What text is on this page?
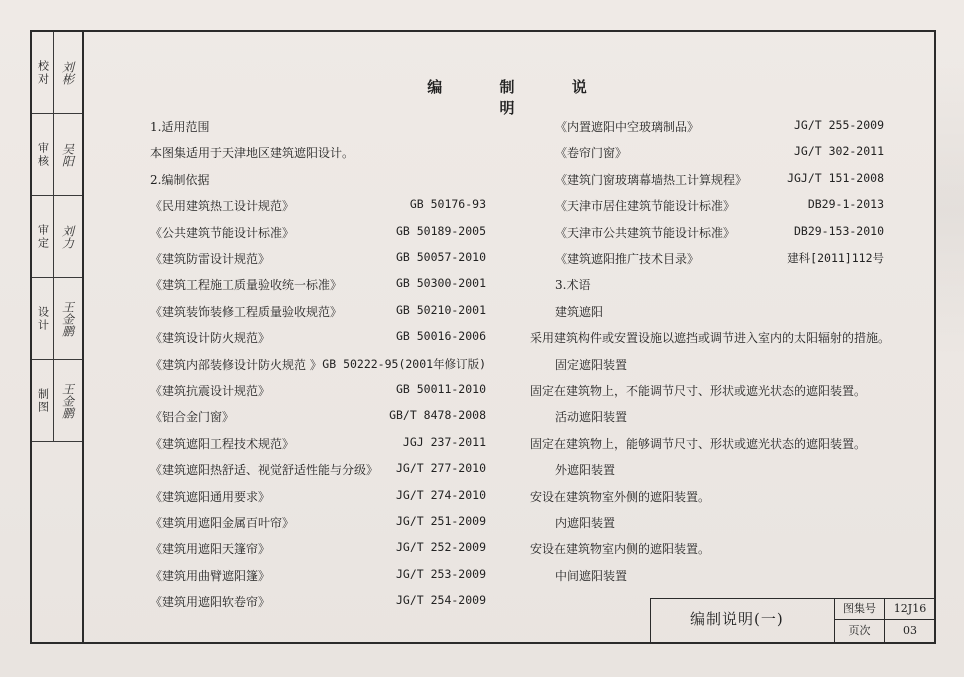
校对 刘彬
审核 吴阳
审定 刘力
设计 王金鹏
制图 王金鹏
编 制 说 明
1.适用范围
本图集适用于天津地区建筑遮阳设计。
2.编制依据
《民用建筑热工设计规范》	GB 50176-93
《公共建筑节能设计标准》	GB 50189-2005
《建筑防雷设计规范》	GB 50057-2010
《建筑工程施工质量验收统一标准》	GB 50300-2001
《建筑装饰装修工程质量验收规范》	GB 50210-2001
《建筑设计防火规范》	GB 50016-2006
《建筑内部装修设计防火规范 》 GB 50222-95(2001年修订版)
《建筑抗震设计规范》	GB 50011-2010
《铝合金门窗》	GB/T 8478-2008
《建筑遮阳工程技术规范》	JGJ 237-2011
《建筑遮阳热舒适、视觉舒适性能与分级》 JG/T 277-2010
《建筑遮阳通用要求》	JG/T 274-2010
《建筑用遮阳金属百叶帘》	JG/T 251-2009
《建筑用遮阳天篷帘》	JG/T 252-2009
《建筑用曲臂遮阳篷》	JG/T 253-2009
《建筑用遮阳软卷帘》	JG/T 254-2009
《内置遮阳中空玻璃制品》	JG/T 255-2009
《卷帘门窗》	JG/T 302-2011
《建筑门窗玻璃幕墙热工计算规程》	JGJ/T 151-2008
《天津市居住建筑节能设计标准》	DB29-1-2013
《天津市公共建筑节能设计标准》	DB29-153-2010
《建筑遮阳推广技术目录》	建科[2011]112号
3.术语
建筑遮阳
采用建筑构件或安置设施以遮挡或调节进入室内的太阳辐射的措施。
固定遮阳装置
固定在建筑物上，不能调节尺寸、形状或遮光状态的遮阳装置。
活动遮阳装置
固定在建筑物上，能够调节尺寸、形状或遮光状态的遮阳装置。
外遮阳装置
安设在建筑物室外侧的遮阳装置。
内遮阳装置
安设在建筑物室内侧的遮阳装置。
中间遮阳装置
编制说明(一)
图集号	12J16
页次	03
